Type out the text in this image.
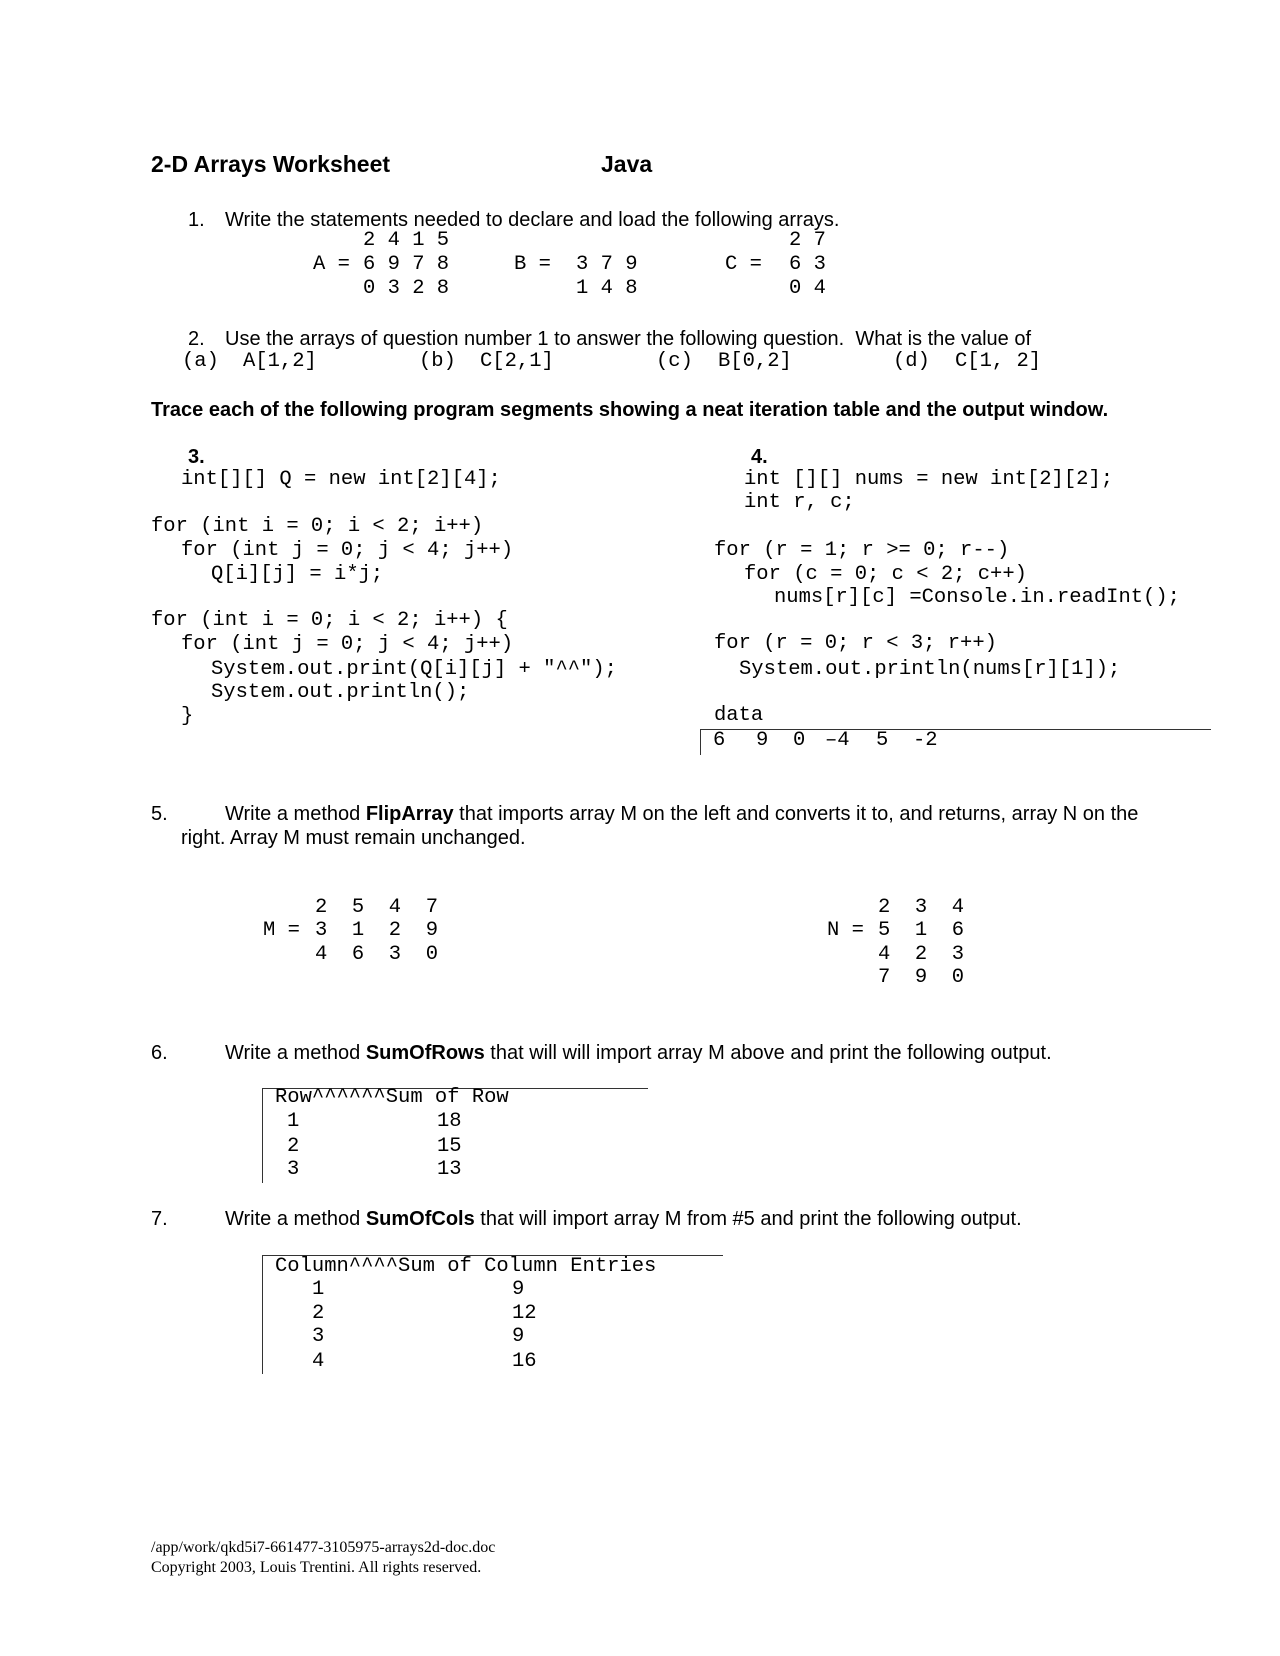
2-D Arrays Worksheet	Java
1. Write the statements needed to declare and load the following arrays.
A =
2 4 1 5
6 9 7 8
0 3 2 8
B = 3 7 9
1 4 8
C =
2 7
6 3
0 4
2. Use the arrays of question number 1 to answer the following question.  What is the value of
(a) A[1,2]	(b) C[2,1]	(c) B[0,2]	(d) C[1, 2]
Trace each of the following program segments showing a neat iteration table and the output window.
3.
int[][] Q = new int[2][4];
for (int i = 0; i < 2; i++)
for (int j = 0; j < 4; j++)
Q[i][j] = i*j;
for (int i = 0; i < 2; i++) {
for (int j = 0; j < 4; j++)
System.out.print(Q[i][j] + "^^");
System.out.println();
}
4.
int [][] nums = new int[2][2];
int r, c;
for (r = 1; r >= 0; r--)
for (c = 0; c < 2; c++)
nums[r][c] =Console.in.readInt();
for (r = 0; r < 3; r++)
System.out.println(nums[r][1]);
data
6 9 0 –4 5 -2
5.	Write a method FlipArray that imports array M on the left and converts it to, and returns, array N on the
right. Array M must remain unchanged.
M =
2  5  4  7
3  1  2  9
4  6  3  0
N =
2  3  4
5  1  6
4  2  3
7  9  0
6.	Write a method SumOfRows that will will import array M above and print the following output.
Row^^^^^^Sum of Row
1	18
2	15
3	13
7.	Write a method SumOfCols that will import array M from #5 and print the following output.
Column^^^^Sum of Column Entries
1	9
2	12
3	9
4	16
/app/work/qkd5i7-661477-3105975-arrays2d-doc.doc
Copyright 2003, Louis Trentini. All rights reserved.
